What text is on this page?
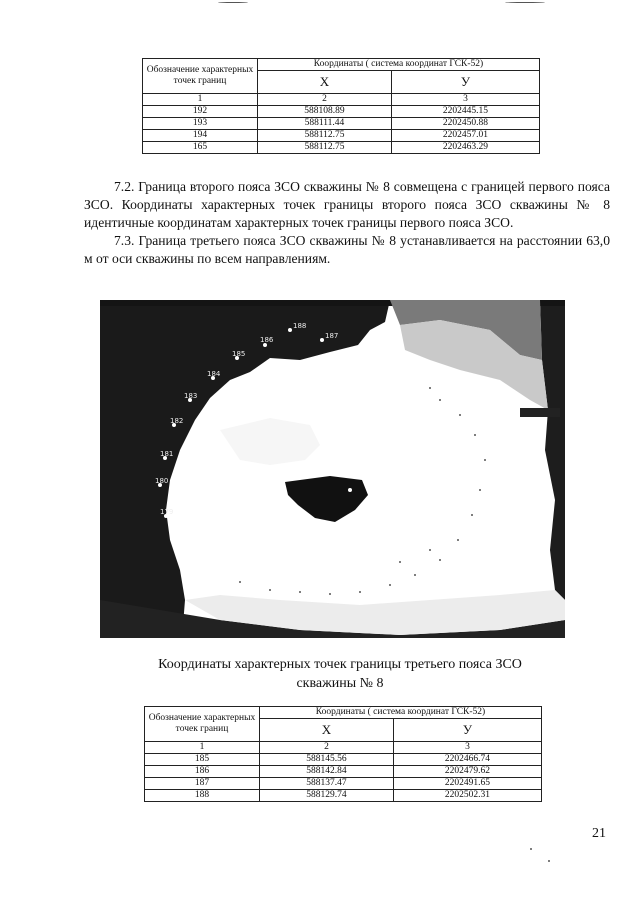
Обозначение характерных точек границ	Координаты ( система координат ГСК-52)	
	X	У
1	2	3
192	588108.89	2202445.15
193	588111.44	2202450.88
194	588112.75	2202457.01
165	588112.75	2202463.29

7.2. Граница второго пояса ЗСО скважины № 8 совмещена с границей первого пояса ЗСО. Координаты характерных точек границы второго пояса ЗСО скважины № 8 идентичные координатам характерных точек границы первого пояса ЗСО.

7.3. Граница третьего пояса ЗСО скважины № 8 устанавливается на расстоянии 63,0 м от оси скважины по всем направлениям.

188
187
186
185
184
183
182
181
180
179
Координаты характерных точек границы третьего пояса ЗСО скважины № 8
Обозначение характерных точек границ	Координаты ( система координат ГСК-52)	
	X	У
1	2	3
185	588145.56	2202466.74
186	588142.84	2202479.62
187	588137.47	2202491.65
188	588129.74	2202502.31
21
